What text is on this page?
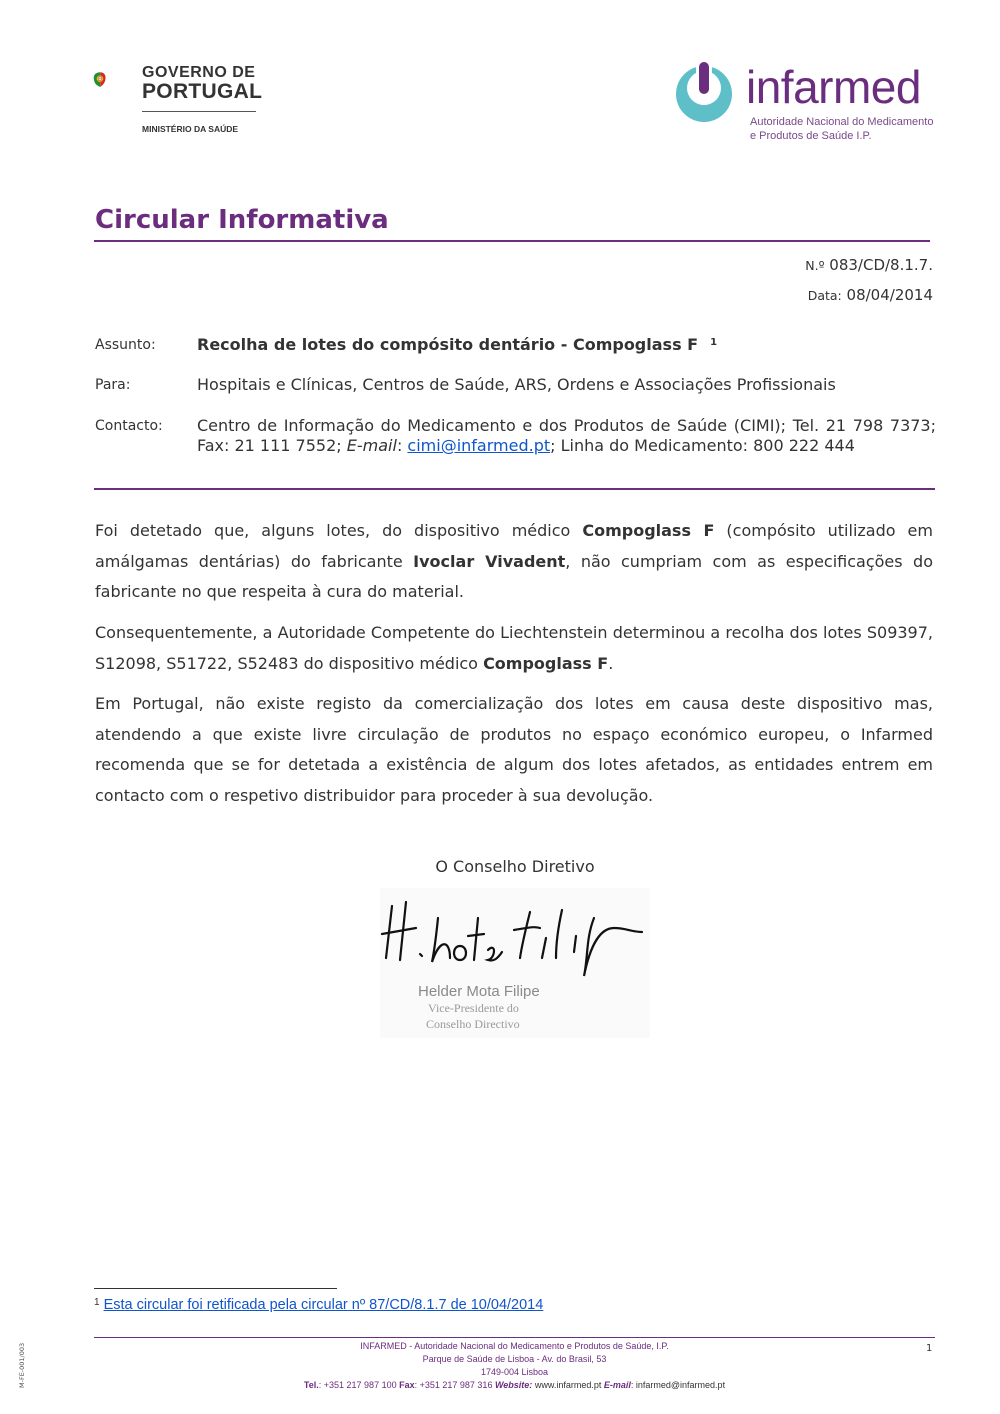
GOVERNO DE
PORTUGAL
MINISTÉRIO DA SAÚDE
infarmed
Autoridade Nacional do Medicamento
e Produtos de Saúde I.P.
Circular Informativa
N.º 083/CD/8.1.7.
Data: 08/04/2014
Assunto:	Recolha de lotes do compósito dentário - Compoglass F $^1$
Para:	Hospitais e Clínicas, Centros de Saúde, ARS, Ordens e Associações Profissionais
Contacto: Centro de Informação do Medicamento e dos Produtos de Saúde (CIMI); Tel. 21 798 7373; Fax: 21 111 7552; E-mail: cimi@infarmed.pt; Linha do Medicamento: 800 222 444

Foi detetado que, alguns lotes, do dispositivo médico Compoglass F (compósito utilizado em amálgamas dentárias) do fabricante Ivoclar Vivadent, não cumpriam com as especificações do fabricante no que respeita à cura do material.

Consequentemente, a Autoridade Competente do Liechtenstein determinou a recolha dos lotes S09397, S12098, S51722, S52483 do dispositivo médico Compoglass F.

Em Portugal, não existe registo da comercialização dos lotes em causa deste dispositivo mas, atendendo a que existe livre circulação de produtos no espaço económico europeu, o Infarmed recomenda que se for detetada a existência de algum dos lotes afetados, as entidades entrem em contacto com o respetivo distribuidor para proceder à sua devolução.

O Conselho Diretivo
Helder Mota Filipe
Vice-Presidente do
Conselho Directivo
$^1$ Esta circular foi retificada pela circular nº 87/CD/8.1.7 de 10/04/2014
INFARMED - Autoridade Nacional do Medicamento e Produtos de Saúde, I.P.
Parque de Saúde de Lisboa - Av. do Brasil, 53
1749-004 Lisboa
Tel.: +351 217 987 100 Fax: +351 217 987 316 Website: www.infarmed.pt E-mail: infarmed@infarmed.pt
1
M-FE-001/003
